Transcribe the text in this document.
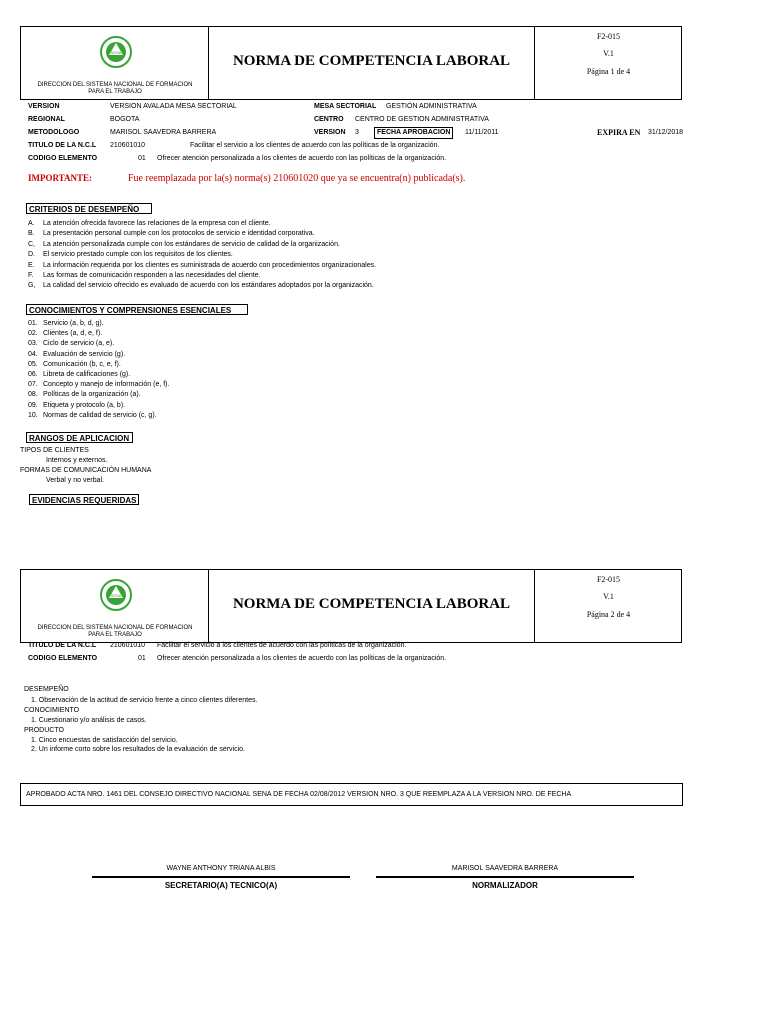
SENA
DIRECCION DEL SISTEMA NACIONAL DE FORMACION
PARA EL TRABAJO
NORMA DE COMPETENCIA LABORAL
F2-015
V.1
Página 1 de 4
VERSION	VERSION AVALADA MESA SECTORIAL	MESA SECTORIAL GESTIÓN ADMINISTRATIVA
REGIONAL	BOGOTA	CENTRO CENTRO DE GESTION ADMINISTRATIVA
METODOLOGO	MARISOL SAAVEDRA BARRERA	VERSION 3	FECHA APROBACION	11/11/2011	EXPIRA EN 31/12/2018
TITULO DE LA N.C.L 210601010	Facilitar el servicio a los clientes de acuerdo con las políticas de la organización.
CODIGO ELEMENTO	01 Ofrecer atención personalizada a los clientes de acuerdo con las políticas de la organización.
IMPORTANTE:	Fue reemplazada por la(s) norma(s) 210601020 que ya se encuentra(n) publicada(s).
CRITERIOS DE DESEMPEÑO
A. La atención ofrecida favorece las relaciones de la empresa con el cliente.
B. La presentación personal cumple con los protocolos de servicio e identidad corporativa.
C, La atención personalizada cumple con los estándares de servicio de calidad de la organización.
D. El servicio prestado cumple con los requisitos de los clientes.
E. La información requerida por los clientes es suministrada de acuerdo con procedimientos organizacionales.
F. Las formas de comunicación responden a las necesidades del cliente.
G, La calidad del servicio ofrecido es evaluado de acuerdo con los estándares adoptados por la organización.
CONOCIMIENTOS Y COMPRENSIONES ESENCIALES
01. Servicio (a, b, d, g).
02. Clientes (a, d, e, f).
03. Ciclo de servicio (a, e).
04. Evaluación de servicio (g).
05. Comunicación (b, c, e, f).
06. Libreta de calificaciones (g).
07. Concepto y manejo de información (e, f).
08. Políticas de la organización (a).
09. Etiqueta y protocolo (a, b).
10. Normas de calidad de servicio (c, g).
RANGOS DE APLICACION
TIPOS DE CLIENTES
Internos y externos.
FORMAS DE COMUNICACIÓN HUMANA
Verbal y no verbal.
EVIDENCIAS REQUERIDAS
SENA
DIRECCION DEL SISTEMA NACIONAL DE FORMACION
PARA EL TRABAJO
NORMA DE COMPETENCIA LABORAL
F2-015
V.1
Página 2 de 4
TITULO DE LA N.C.L 210601010 Facilitar el servicio a los clientes de acuerdo con las políticas de la organización.
CODIGO ELEMENTO	01 Ofrecer atención personalizada a los clientes de acuerdo con las políticas de la organización.
DESEMPEÑO
1. Observación de la actitud de servicio frente a cinco clientes diferentes.
CONOCIMIENTO
1. Cuestionario y/o análisis de casos.
PRODUCTO
1. Cinco encuestas de satisfacción del servicio.
2. Un informe corto sobre los resultados de la evaluación de servicio.
APROBADO ACTA NRO. 1461 DEL CONSEJO DIRECTIVO NACIONAL SENA DE FECHA 02/08/2012 VERSION NRO. 3 QUE REEMPLAZA A LA VERSION NRO. DE FECHA
WAYNE ANTHONY TRIANA ALBIS
SECRETARIO(A) TECNICO(A)
MARISOL SAAVEDRA BARRERA
NORMALIZADOR
